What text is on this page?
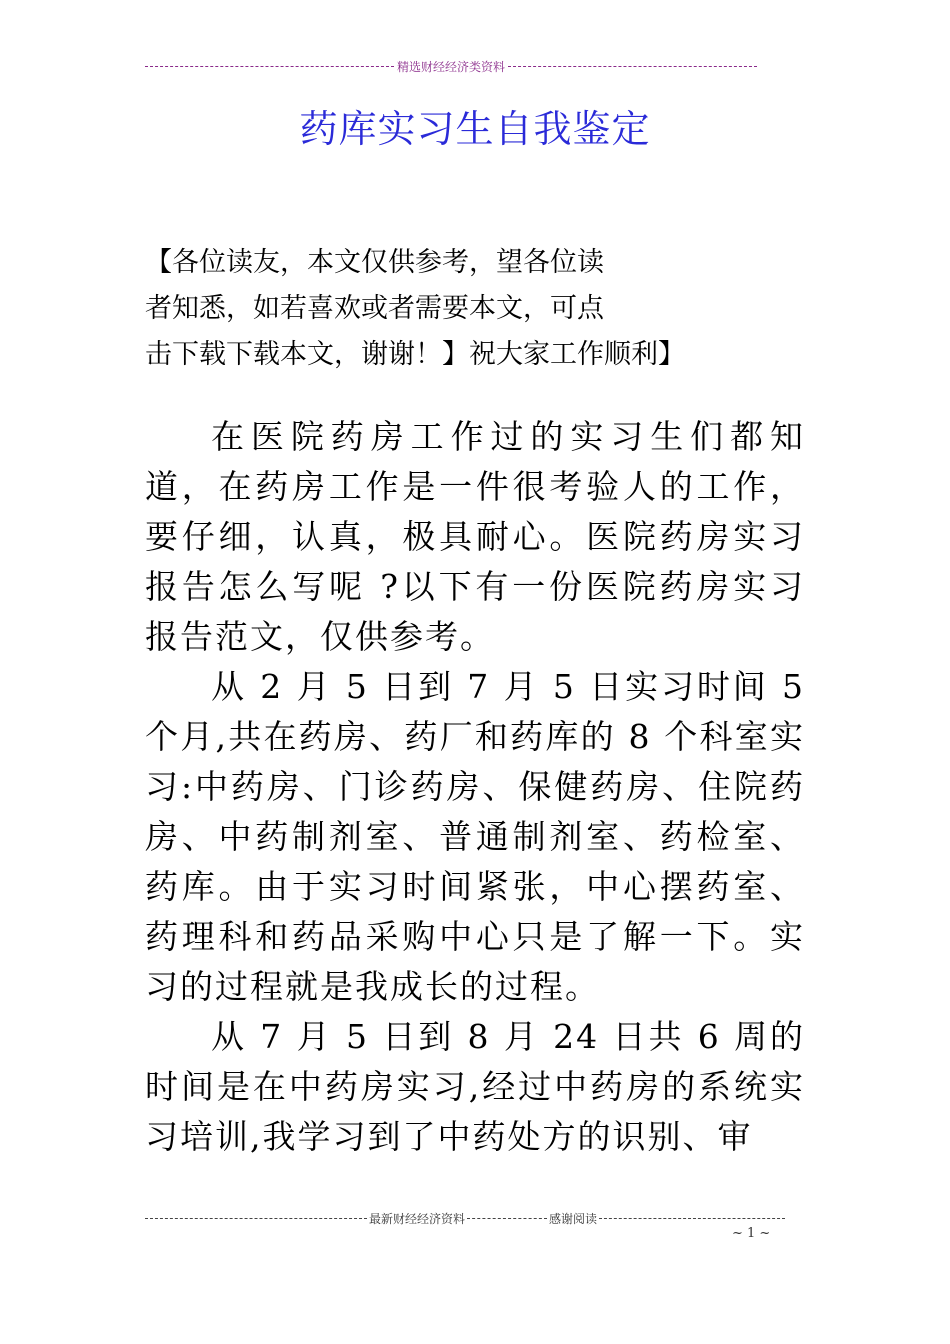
精选财经经济类资料
药库实习生自我鉴定
【各位读友，本文仅供参考，望各位读
者知悉，如若喜欢或者需要本文，可点
击下载下载本文，谢谢！】祝大家工作顺利】

在医院药房工作过的实习生们都知道，在药房工作是一件很考验人的工作，要仔细，认真，极具耐心。医院药房实习报告怎么写呢 ?以下有一份医院药房实习报告范文，仅供参考。

从 2 月 5 日到 7 月 5 日实习时间 5 个月,共在药房、药厂和药库的 8 个科室实习:中药房、门诊药房、保健药房、住院药房、中药制剂室、普通制剂室、药检室、药库。由于实习时间紧张，中心摆药室、药理科和药品采购中心只是了解一下。实习的过程就是我成长的过程。

从 7 月 5 日到 8 月 24 日共 6 周的时间是在中药房实习,经过中药房的系统实习培训,我学习到了中药处方的识别、审

最新财经经济资料	感谢阅读
~ 1 ~
